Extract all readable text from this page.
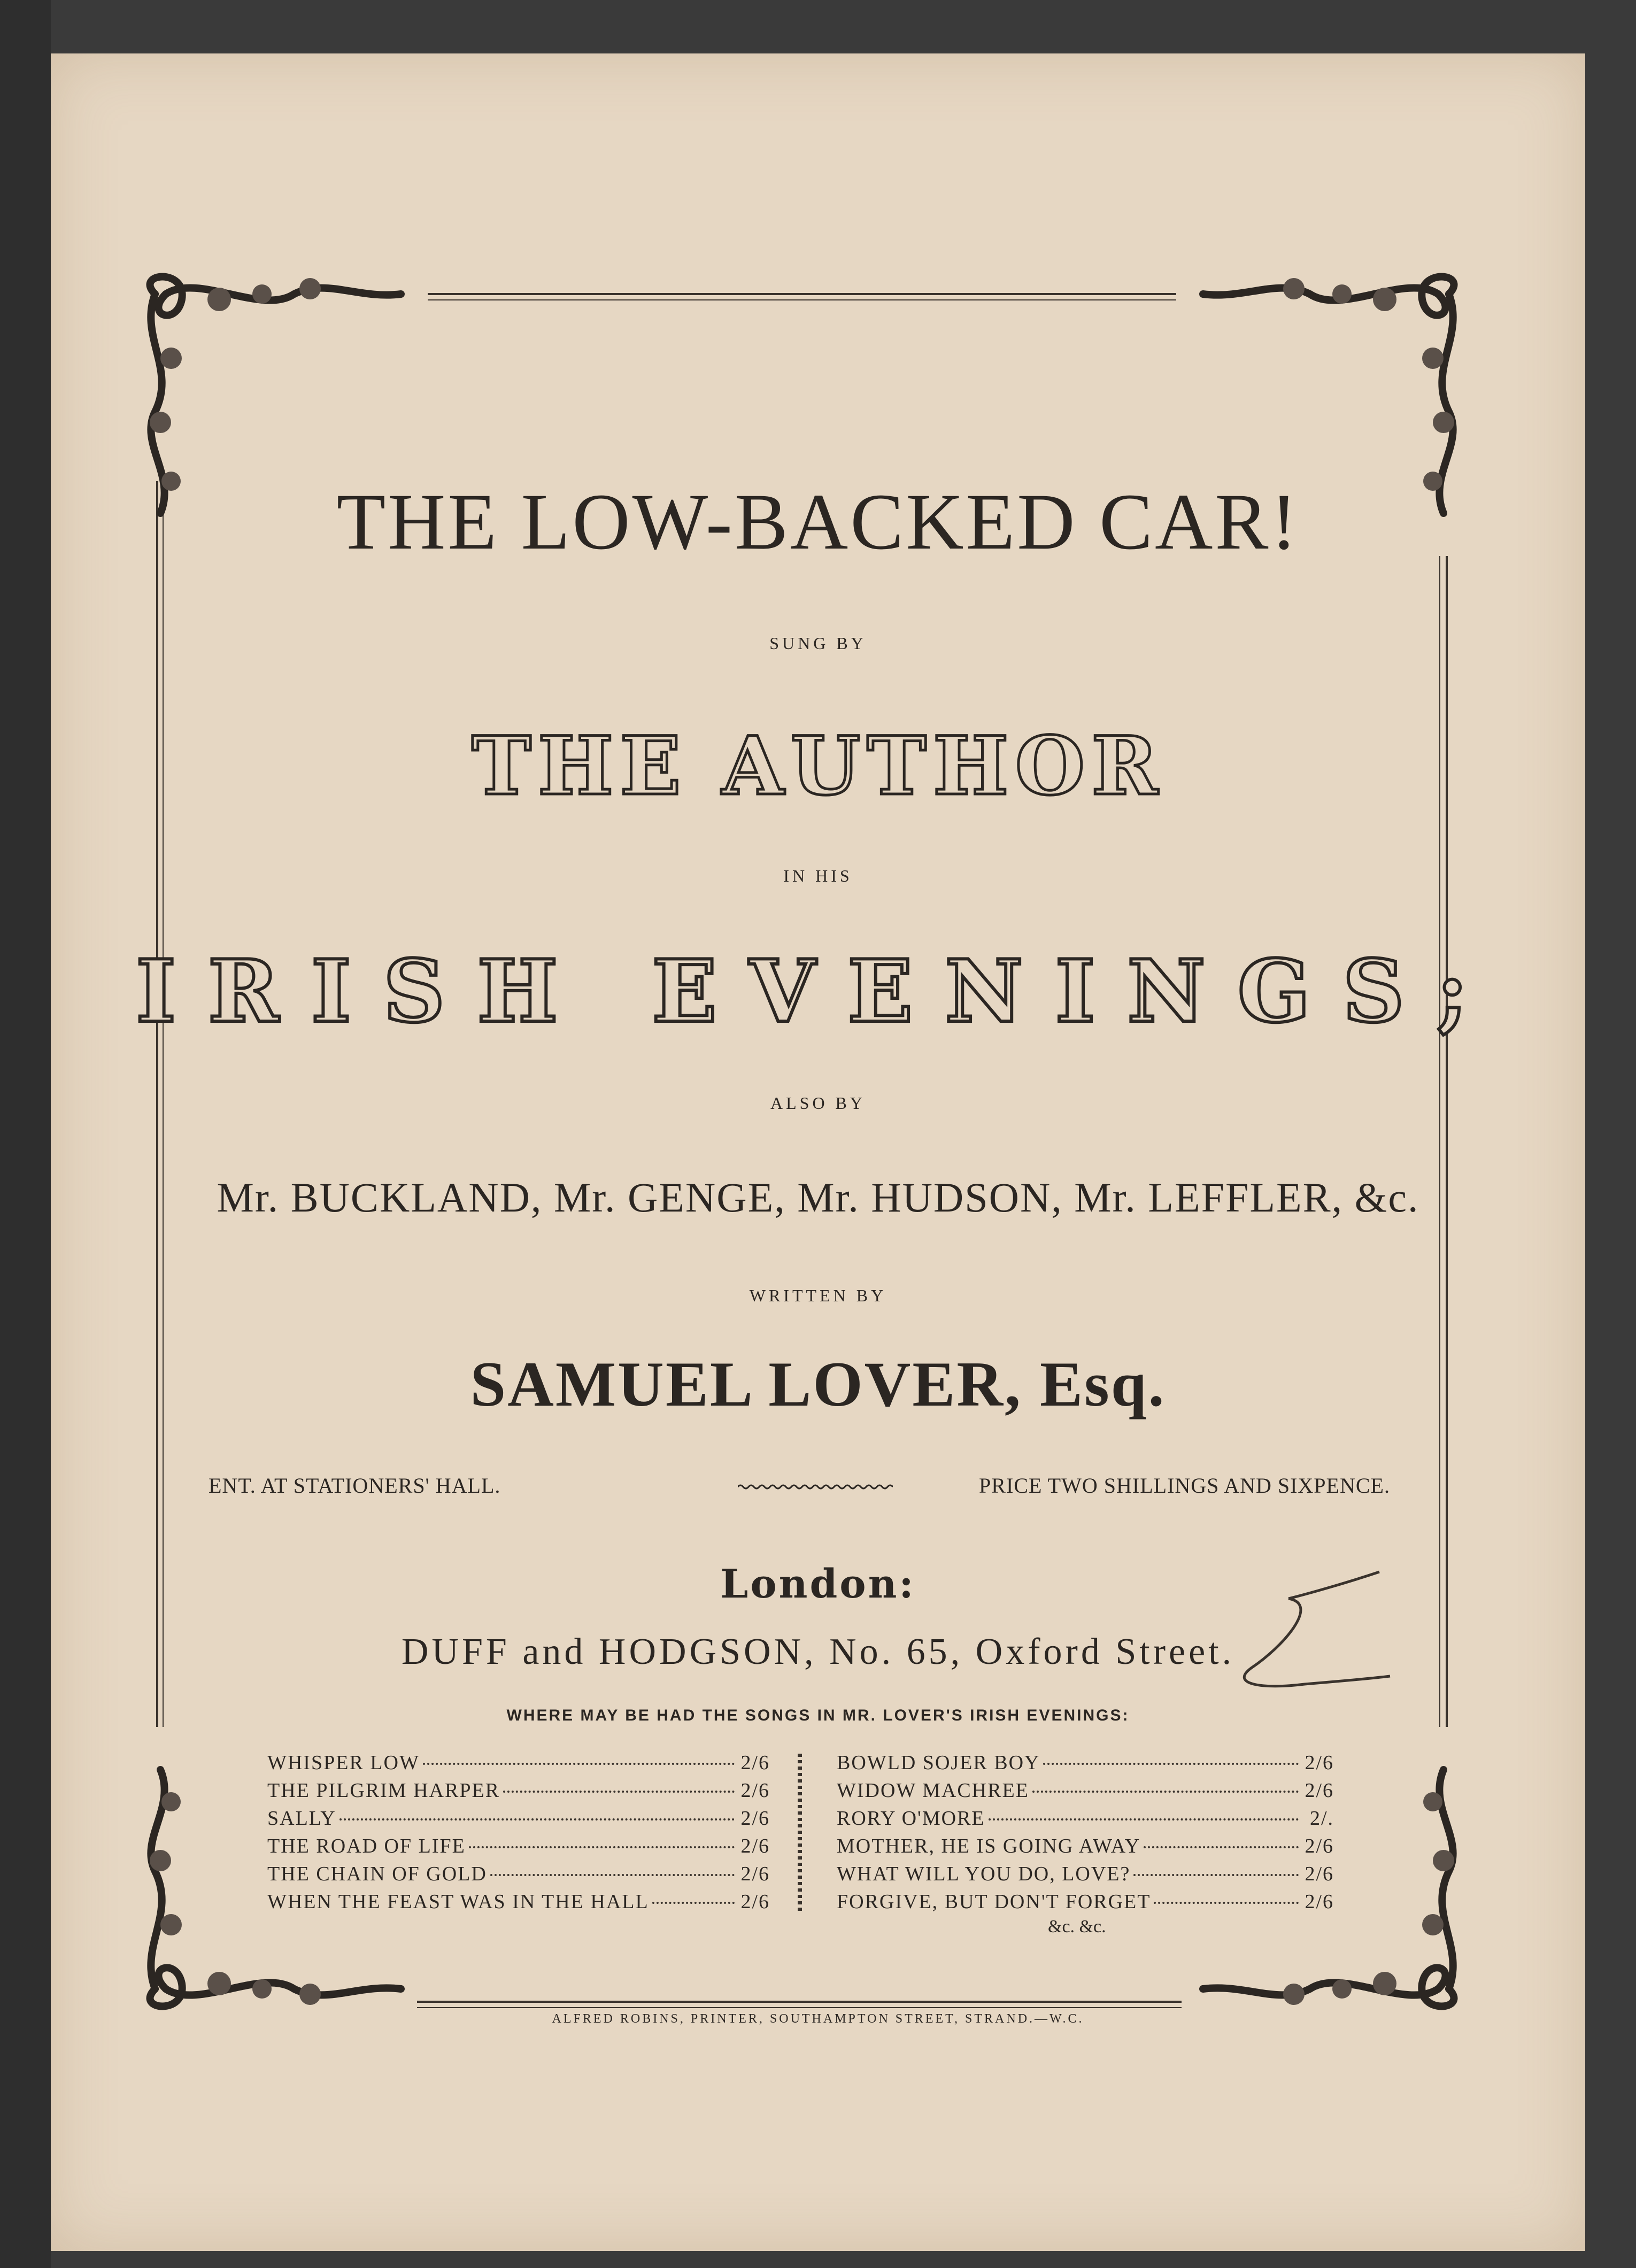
THE LOW-BACKED CAR!
SUNG BY
THE AUTHOR
IN HIS
IRISH EVENINGS;
ALSO BY
Mr. BUCKLAND, Mr. GENGE, Mr. HUDSON, Mr. LEFFLER, &c.
WRITTEN BY
SAMUEL LOVER, Esq.
ENT. AT STATIONERS' HALL.	PRICE TWO SHILLINGS AND SIXPENCE.
London:
DUFF and HODGSON, No. 65, Oxford Street.
WHERE MAY BE HAD THE SONGS IN MR. LOVER'S IRISH EVENINGS:
WHISPER LOW	2/6
THE PILGRIM HARPER	2/6
SALLY	2/6
THE ROAD OF LIFE	2/6
THE CHAIN OF GOLD	2/6
WHEN THE FEAST WAS IN THE HALL	2/6
BOWLD SOJER BOY	2/6
WIDOW MACHREE	2/6
RORY O'MORE	2/.
MOTHER, HE IS GOING AWAY	2/6
WHAT WILL YOU DO, LOVE?	2/6
FORGIVE, BUT DON'T FORGET	2/6
&c. &c.
ALFRED ROBINS, PRINTER, SOUTHAMPTON STREET, STRAND.—W.C.
